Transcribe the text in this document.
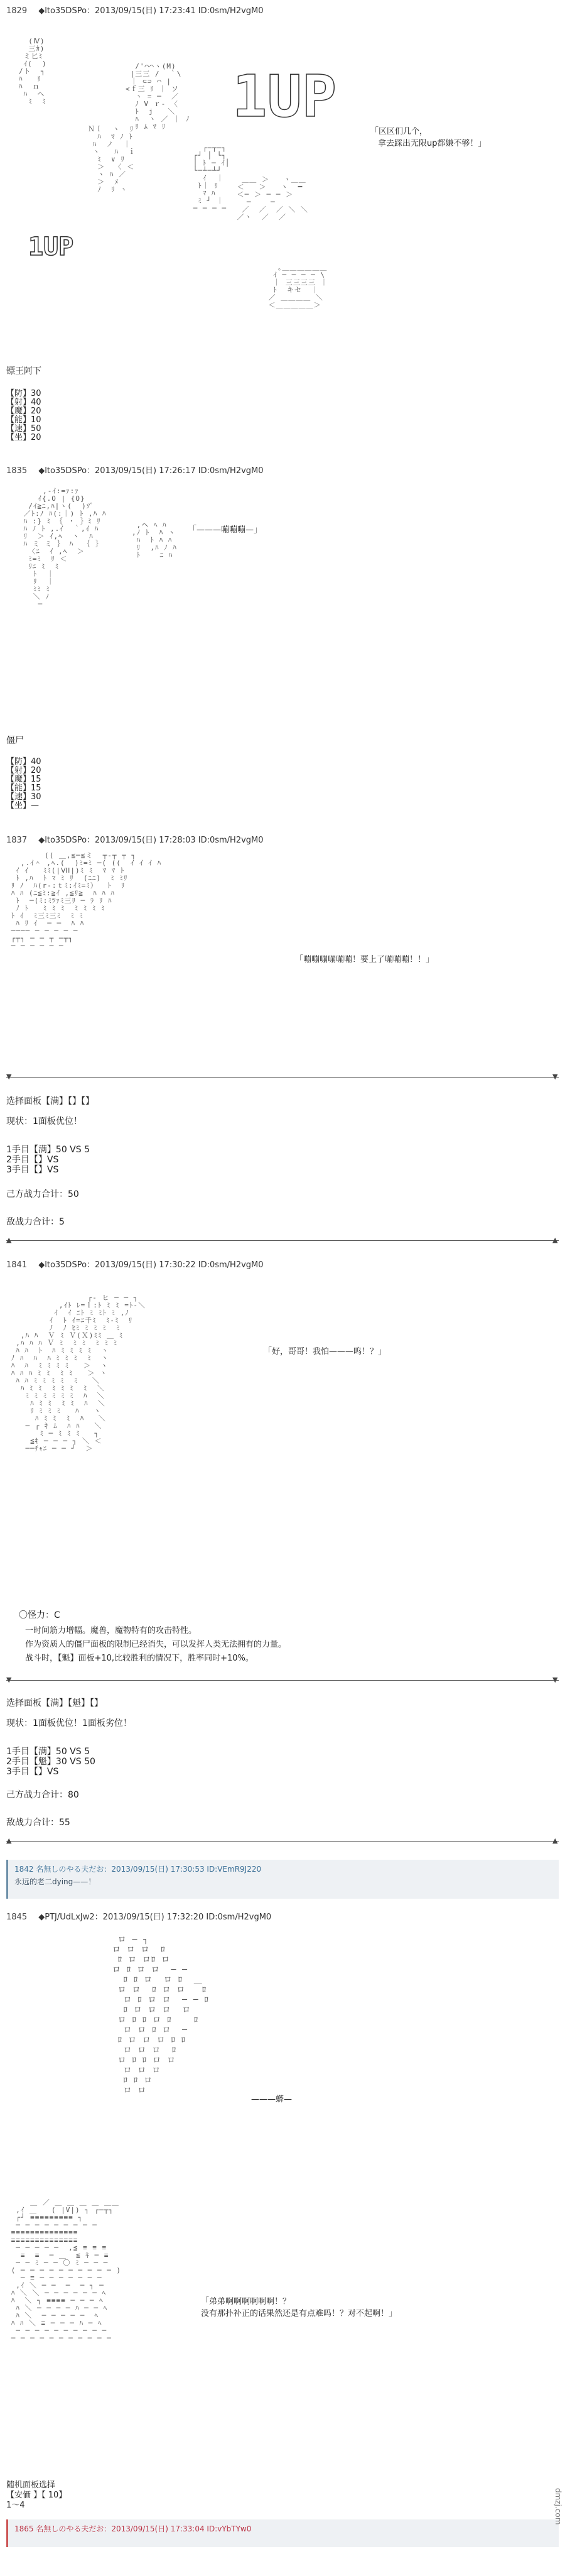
1829 ◆lto35DSPo：2013/09/15(日) 17:23:41 ID:0sm/H2vgM0
(Ⅳ)
三ｶ)
ミ匕ﾐ
ｲ(  )
/ト  ┐
ﾊ   ﾘ
ﾊ  ｎ
ﾊ  へ
ﾐ  ﾐ
/'⌒⌒ヽ(M)
|三三 /  ｀\
｜ ⊂⊃ ⌒ |
<ｆ三 ﾘ ｜ ソ
ヽ = ─  ／
ﾉ V ｒ- 〈
ﾄ  j   ＼
ﾊ  ヽ ／ ｜ ﾉ
ﾘ ﾑ ﾏ ﾘ
ＮＩ  ヽ  ﾘ
ﾊ  ﾏ ﾉ ﾄ
ﾊ  ノ  ｜
ヽ   ﾊ  ｉ
ﾐ  ∨ ﾘ
＞  〈 ＜
ヽ ﾊ ／
＞  ﾒ
ﾉ  ﾘ ヽ
┌─┬─┐
┌┘ │ └┐
│ ﾄ ─ ｲ│
└─┴─┴┘
ｲ  ｜
ﾄ｜ ﾘ
ﾏ ﾊ
ﾐ ┘ ｜
─ ─ ─ ─
＿＿ ＞   ヽ＿＿
＜   ＞   ヽ  ━
＜─ ＞ ─ ─ ＞
─    ─
／  ／  ／ ＼ ＼
／ヽ  ／  ／
｡＿＿＿＿＿＿
ｲ ─ ─ ─ ─ \
｜ 三三三三 ｜
ﾄ  キセ  ｜
／ ＿＿＿＿ ＼
＜＿＿＿＿＿＞
1UP
1UP
「区区们几个，
拿去踩出无限up都嫌不够！」
镖王阿下
【防】30
【射】40
【魔】20
【能】10
【速】50
【坐】20
1835 ◆lto35DSPo：2013/09/15(日) 17:26:17 ID:0sm/H2vgM0
,-ｲ:=ｧ:ｧ
ｲ{.O | {O}
/ｲ≧ﾆ,ﾊ|ヽ(  )ｿﾞ
／ﾄ:ﾉ ﾊ(:｜) ﾄ ,ﾊ ﾊ
ﾊ :} ﾐ ｛ ・ ｝ﾐ ﾘ
ﾊ ﾉ ﾄ ,.ｲ  ｀,ｲ ﾊ
ﾘ  ＞ ｲ,ﾍ  ヽ  ﾊ
ﾊ ミ ミ ｝ ﾊ  ｛ ｝
〈ﾆ  ｲ ,ﾍ  ＞
ﾐ=ﾐ  ﾘ ＜
ﾘﾆ ﾐ  ﾐ
ﾄ  ｜
ﾘ  ｜
ﾐﾐ ﾐ
＼ ﾉ
─
,ヘ ﾍ ﾊ
,ﾉ ﾄ  ﾊ ヽ
ﾊ  ﾄ ﾊ ﾊ
ﾘ  ,ﾊ ﾉ ﾊ
ﾄ    ﾆ ﾊ
「———嘣嘣嘣—」
僵尸
【防】40
【射】20
【魔】15
【能】15
【速】30
【坐】—
1837 ◆lto35DSPo：2013/09/15(日) 17:28:03 ID:0sm/H2vgM0
(( ＿,≦─≦ミ  ┬‐┬ ┬ ┐
,.ｲ＾ ,ﾍ.(  )ﾐ=ﾐ ─( ((  ｲ ｲ ｲ ﾊ
ｲ ｲ   ﾐﾐ(|ⅥⅠ|)ﾐ ﾐ  ﾏ ﾏ ﾄ
ﾄ ,ﾊ  ﾄ ﾏ ﾐ ﾘ  (ﾆﾆ)  ﾐ ﾐﾘ
ﾘ ﾉ  ﾊ(r-:ｔﾐ:ｲﾐ=ﾐ）  ﾄ  ﾘ
ﾊ ﾊ (ﾆ≦ﾐ:≧ｲ ,≦ﾘ≧  ﾊ ﾊ ﾊ
ﾄ  ─(ﾐ:ﾐﾂｧﾐ三ﾘ ─ ﾗ ﾘ ﾊ
ﾉ ﾄ   ﾐ ﾐ ﾐ  ﾐ ﾐ ﾐ ﾐ
ﾄ ｲ  ﾐ三ﾐ三ﾐ  ﾐ ﾐ
ﾊ ﾘ ｲ  ─ ─  ﾊ ﾊ
──── ─ ─ ─ ─ ─
┌┬┐ ─ ─ ┬ ─┬┐
─ ─ ─ ─ ─ ─
「嘣嘣嘣嘣嘣嘣！要上了嘣嘣嘣！！」
▼	▼
选择面板【满】【】【】
现状：1面板优位！
1手目【满】50 VS 5
2手目【】VS
3手目【】VS
己方战力合计：50
敌战力合计：5
▲	▲
1841 ◆lto35DSPo：2013/09/15(日) 17:30:22 ID:0sm/H2vgM0
┌‐ ヒ ─ ─ ┐
,ｲﾄ ﾚ=ｌ:ﾄ ﾐ ﾐ =ﾄ‐＼
ｲ  ｲ ﾆﾄ ﾐ ﾐﾄ ﾐ ,ﾉ
ｲ  ﾄ ｲ=ﾆ千ﾐ  ﾐ‐ﾐ  ﾘ
ﾉ  ﾉ ﾋﾐ ﾐ ﾐ ﾐ  ﾐ
,ﾊ ﾊ  Ｖ ﾐ Ｖ(Ｘ)ﾐﾐ ＿ ﾐ
,ﾊ ﾊ ﾊ Ｖ ﾐ  ﾐ ﾐ  ﾐ ﾐ ﾐ
ﾊ ﾊ  ﾄ  ﾊ ﾐ ﾐ ﾐ ﾐ  ヽ
ﾉ ﾊ  ﾊ  ﾊ ﾐ ﾐ ﾐ  ﾐ  ヽ
ﾊ  ﾊ  ﾐ ﾐ ﾐ ﾐ   ＞  ヽ
ﾊ ﾊ ﾊ ﾐ ﾐ  ﾐ ﾐ   ＞ ヽ
ﾊ ﾊ ﾐ ﾐ ﾐ ﾐ  ﾐ   ＼
ﾊ ﾐ ﾐ  ﾐ ﾐ ﾐ  ﾐ  ＼
ﾐ ﾐ ﾐ ﾐ ﾐ ﾐ  ﾊ  ＼
ﾊ ﾐ ﾐ  ﾐ ﾐ  ﾊ  ＼
ﾘ ﾐ ﾐ ﾐ   ﾊ   ヽ
ﾊ ﾐ ﾐ  ﾐ  ﾊ   ＼
─ ┌ ｷ ﾑ  ﾊ ﾊ   ＼
ﾐ ─ ﾐ ﾐ ﾐ   ┐
≦ｷ ─ ─ ─ ┐ ＼ ＜
──ﾁｬﾆ ─ ─ ┘  ＞
「好，哥哥！我怕———呜！？」
〇怪力：C
一时间筋力增幅。魔兽，魔物特有的攻击特性。
作为资质人的僵尸面板的限制已经消失，可以发挥人类无法拥有的力量。
战斗时，【魁】面板+10,比较胜利的情况下，胜率同时+10%。
▼	▼
选择面板【满】【魁】【】
现状：1面板优位！1面板劣位！
1手目【满】50 VS 5
2手目【魁】30 VS 50
3手目【】VS
己方战力合计：80
敌战力合计：55
▲	▲
1842 名無しのやる夫だお：2013/09/15(日) 17:30:53 ID:VEmR9J220
永远的老二dying——！
1845 ◆PTJ/UdLxJw2：2013/09/15(日) 17:32:20 ID:0sm/H2vgM0
ロ ─ ┐
ロ ロ ロ  ﾛ
ﾛ ロ ロﾛ ロ
ロ ﾛ ロ ロ  ─ ─
ﾛ ﾛ ロ  ロ ﾛ  ＿
ロ ロ  ﾛ ロ ロ   ﾛ
ロ ﾛ ロ ロ  ─ ─ ﾛ
ﾛ ロ ロ ロ  ロ
ロ ﾛ ﾛ ロ ﾛ    ﾛ
ロ ロ ﾛ ロ  ─
ﾛ ロ ロ ロ ﾛ ﾛ
ロ ロ ロ  ﾛ
ロ ﾛ ﾛ ロ ロ
ロ ロ ロ
ﾛ ﾛ ロ
ロ ロ
———蟒—
＿ ／ ＿ ＿ ＿ ＿ ＿＿
,ｲ ＿   ( |V|) ┐ ┌─┬┐
┌┘ ≡≡≡≡≡≡≡≡≡ ┐
─ ─ ─ ─ ─ ─ ─ ─ ─
≡≡≡≡≡≡≡≡≡≡≡≡≡≡
≡≡≡≡≡≡≡≡≡≡≡≡≡≡
─ ─ ─ ─ ─  ,≦ ≡ ≡ ≡
≡  ≡  ─ ＿  ≦ ｷ ─ ≡
─ ─ ﾐ ─ ─ 〇 ﾐ ─ ─ ─
( ─ ─ ─ ─ ─ ─ ─ ─ ─ ─ )
─ ≡ ─ ─ ─ ─ ─ ─ ─
,ｲ ＼ ─ ─  ─  ─ ┐ ─
ﾊ ＼ ＼ ─ ─ ─ ─ ─ ─ ﾍ
ﾊ  ＼ ┐ ≡≡≡≡ ─ ─ ─ ﾍ
ﾊ ＼ ─ ─ ─ ─ ﾊ ─ ─ ﾍ
ﾊ ＼  ─ ─ ─ ─ ─  ﾍ
ﾊ ﾊ ＼ ≡ ─ ─ ─ ﾊ ─ ﾍ
─ ─ ─ ─ ─ ─ ─ ─ ─ ─
─ ─ ─ ─ ─ ─ ─ ─ ─ ─ ─
「弟弟啊啊啊啊啊啊！？
没有那扑补正的话果然还是有点难吗！？对不起啊！」
随机面板选择
【安価 】【 10】
1～4
1865 名無しのやる夫だお：2013/09/15(日) 17:33:04 ID:vYbTYw0
dmzj.com
